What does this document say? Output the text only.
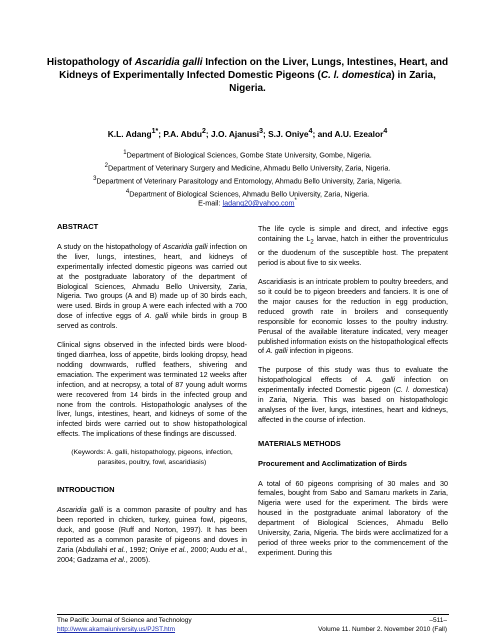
Histopathology of Ascaridia galli Infection on the Liver, Lungs, Intestines, Heart, and Kidneys of Experimentally Infected Domestic Pigeons (C. l. domestica) in Zaria, Nigeria.
K.L. Adang$^{1*}$; P.A. Abdu$^2$; J.O. Ajanusi$^3$; S.J. Oniye$^4$; and A.U. Ezealor$^4$
$^1$Department of Biological Sciences, Gombe State University, Gombe, Nigeria.
$^2$Department of Veterinary Surgery and Medicine, Ahmadu Bello University, Zaria, Nigeria.
$^3$Department of Veterinary Parasitology and Entomology, Ahmadu Bello University, Zaria, Nigeria.
$^4$Department of Biological Sciences, Ahmadu Bello University, Zaria, Nigeria.
E-mail: ladang20@yahoo.com*
ABSTRACT

A study on the histopathology of Ascaridia galli infection on the liver, lungs, intestines, heart, and kidneys of experimentally infected domestic pigeons was carried out at the postgraduate laboratory of the department of Biological Sciences, Ahmadu Bello University, Zaria, Nigeria. Two groups (A and B) made up of 30 birds each, were used. Birds in group A were each infected with a 700 dose of infective eggs of A. galli while birds in group B served as controls.

Clinical signs observed in the infected birds were blood-tinged diarrhea, loss of appetite, birds looking dropsy, head nodding downwards, ruffled feathers, shivering and emaciation. The experiment was terminated 12 weeks after infection, and at necropsy, a total of 87 young adult worms were recovered from 14 birds in the infected group and none from the controls. Histopathologic analyses of the liver, lungs, intestines, heart, and kidneys of some of the infected birds were carried out to show histopathological effects. The implications of these findings are discussed.

(Keywords: A. galli, histopathology, pigeons, infection, parasites, poultry, fowl, ascaridiasis)
INTRODUCTION

Ascaridia galli is a common parasite of poultry and has been reported in chicken, turkey, guinea fowl, pigeons, duck, and goose (Ruff and Norton, 1997). It has been reported as a common parasite of pigeons and doves in Zaria (Abdullahi et al., 1992; Oniye et al., 2000; Audu et al., 2004; Gadzama et al., 2005).

The life cycle is simple and direct, and infective eggs containing the $L_2$ larvae, hatch in either the proventriculus or the duodenum of the susceptible host. The prepatent period is about five to six weeks.

Ascaridiasis is an intricate problem to poultry breeders, and so it could be to pigeon breeders and fanciers. It is one of the major causes for the reduction in egg production, reduced growth rate in broilers and consequently responsible for economic losses to the poultry industry. Perusal of the available literature indicated, very meager published information exists on the histopathological effects of A. galli infection in pigeons.

The purpose of this study was thus to evaluate the histopathological effects of A. galli infection on experimentally infected Domestic pigeon (C. l. domestica) in Zaria, Nigeria. This was based on histopathologic analyses of the liver, lungs, intestines, heart and kidneys, affected in the course of infection.

MATERIALS METHODS
Procurement and Acclimatization of Birds

A total of 60 pigeons comprising of 30 males and 30 females, bought from Sabo and Samaru markets in Zaria, Nigeria were used for the experiment. The birds were housed in the postgraduate animal laboratory of the department of Biological Sciences, Ahmadu Bello University, Zaria, Nigeria. The birds were acclimatized for a period of three weeks prior to the commencement of the experiment. During this

The Pacific Journal of Science and Technology
http://www.akamaiuniversity.us/PJST.htm
–511–
Volume 11. Number 2. November 2010 (Fall)
